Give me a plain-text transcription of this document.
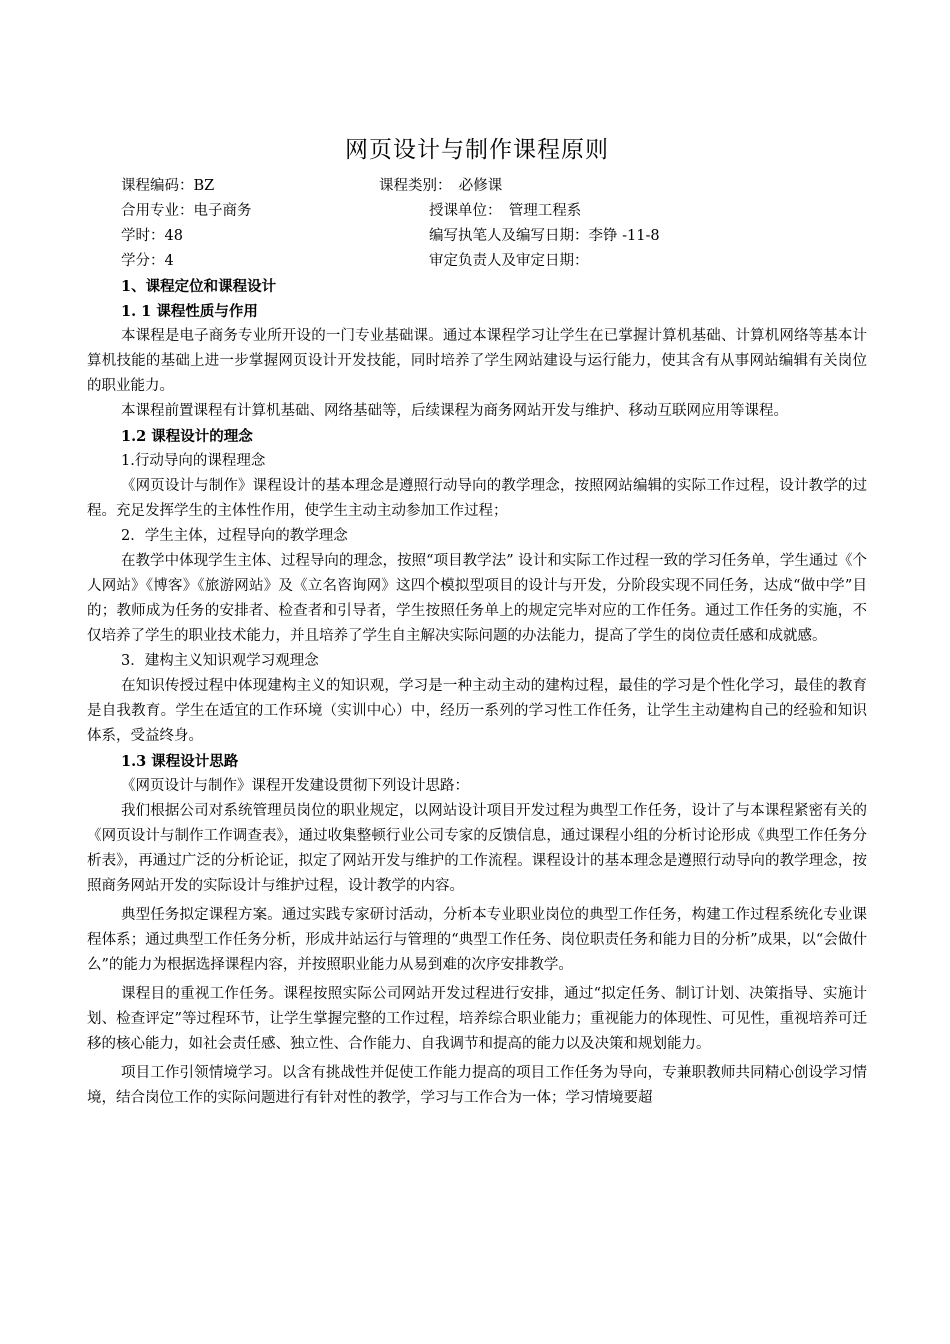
网页设计与制作课程原则
课程编码：BZ	课程类别：　必修课
合用专业：电子商务	授课单位：　管理工程系
学时：48	编写执笔人及编写日期：李铮 -11-8
学分：4	审定负责人及审定日期：
1、课程定位和课程设计
1. 1 课程性质与作用

本课程是电子商务专业所开设的一门专业基础课。通过本课程学习让学生在已掌握计算机基础、计算机网络等基本计算机技能的基础上进一步掌握网页设计开发技能，同时培养了学生网站建设与运行能力，使其含有从事网站编辑有关岗位的职业能力。

本课程前置课程有计算机基础、网络基础等，后续课程为商务网站开发与维护、移动互联网应用等课程。

1.2 课程设计的理念
1.行动导向的课程理念

《网页设计与制作》课程设计的基本理念是遵照行动导向的教学理念，按照网站编辑的实际工作过程，设计教学的过程。充足发挥学生的主体性作用，使学生主动主动参加工作过程；

2．学生主体，过程导向的教学理念

在教学中体现学生主体、过程导向的理念，按照“项目教学法” 设计和实际工作过程一致的学习任务单，学生通过《个人网站》《博客》《旅游网站》及《立名咨询网》这四个模拟型项目的设计与开发，分阶段实现不同任务，达成“做中学”目的；教师成为任务的安排者、检查者和引导者，学生按照任务单上的规定完毕对应的工作任务。通过工作任务的实施，不仅培养了学生的职业技术能力，并且培养了学生自主解决实际问题的办法能力，提高了学生的岗位责任感和成就感。

3．建构主义知识观学习观理念

在知识传授过程中体现建构主义的知识观，学习是一种主动主动的建构过程，最佳的学习是个性化学习，最佳的教育是自我教育。学生在适宜的工作环境（实训中心）中，经历一系列的学习性工作任务，让学生主动建构自己的经验和知识体系，受益终身。

1.3 课程设计思路

《网页设计与制作》课程开发建设贯彻下列设计思路：

我们根据公司对系统管理员岗位的职业规定，以网站设计项目开发过程为典型工作任务，设计了与本课程紧密有关的《网页设计与制作工作调查表》，通过收集整顿行业公司专家的反馈信息，通过课程小组的分析讨论形成《典型工作任务分析表》，再通过广泛的分析论证，拟定了网站开发与维护的工作流程。课程设计的基本理念是遵照行动导向的教学理念，按照商务网站开发的实际设计与维护过程，设计教学的内容。

典型任务拟定课程方案。通过实践专家研讨活动，分析本专业职业岗位的典型工作任务，构建工作过程系统化专业课程体系；通过典型工作任务分析，形成井站运行与管理的“典型工作任务、岗位职责任务和能力目的分析”成果，以“会做什么”的能力为根据选择课程内容，并按照职业能力从易到难的次序安排教学。

课程目的重视工作任务。课程按照实际公司网站开发过程进行安排，通过“拟定任务、制订计划、决策指导、实施计划、检查评定”等过程环节，让学生掌握完整的工作过程，培养综合职业能力；重视能力的体现性、可见性，重视培养可迁移的核心能力，如社会责任感、独立性、合作能力、自我调节和提高的能力以及决策和规划能力。

项目工作引领情境学习。以含有挑战性并促使工作能力提高的项目工作任务为导向，专兼职教师共同精心创设学习情境，结合岗位工作的实际问题进行有针对性的教学，学习与工作合为一体；学习情境要超
